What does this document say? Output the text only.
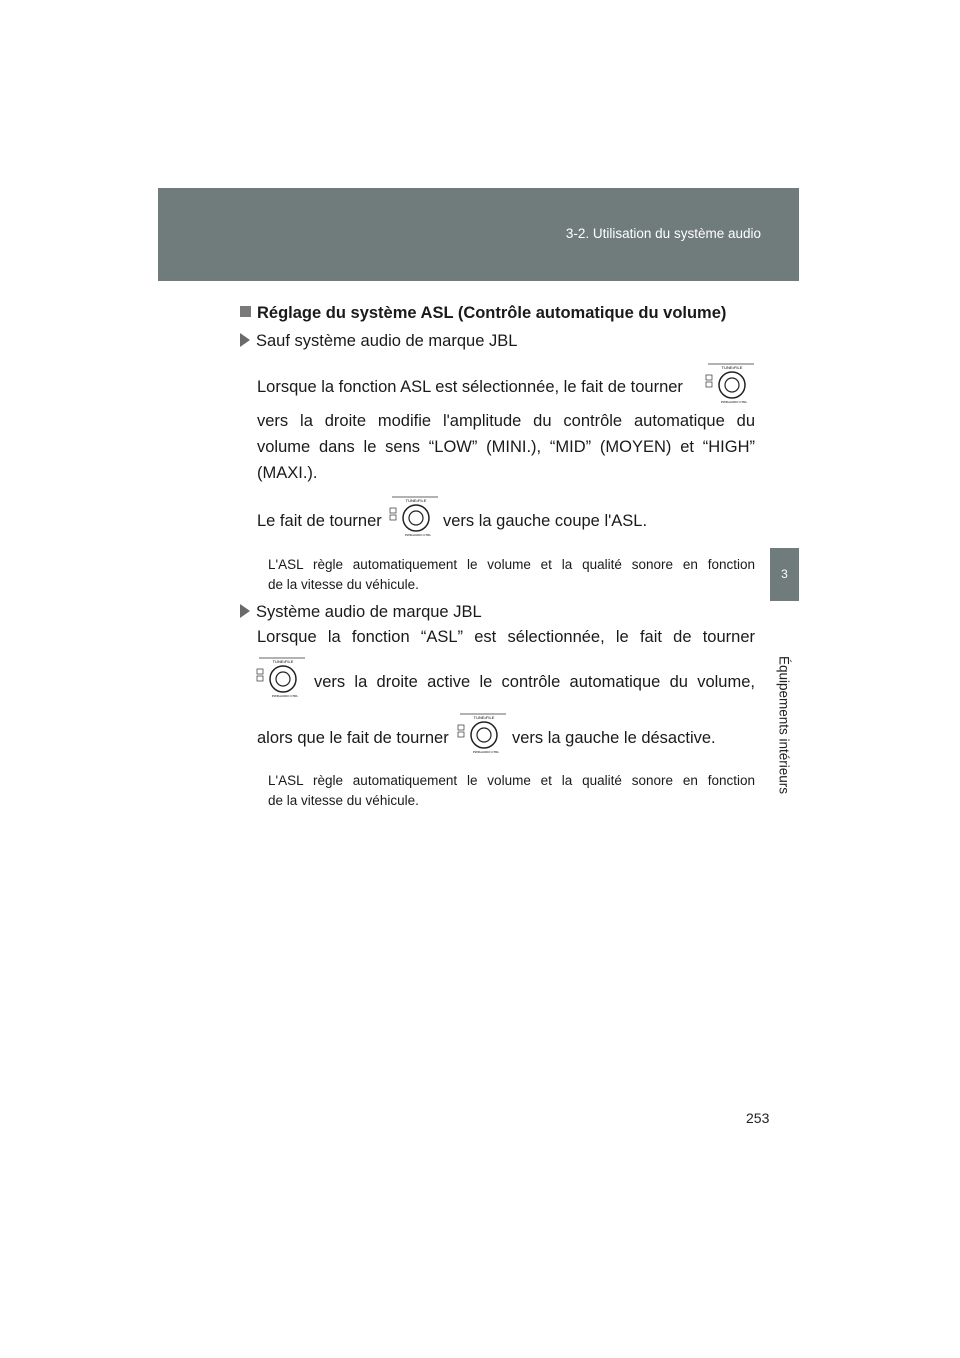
3-2. Utilisation du système audio
3
Équipements intérieurs
Réglage du système ASL (Contrôle automatique du volume)
Sauf système audio de marque JBL
Lorsque la fonction ASL est sélectionnée, le fait de tourner
TUNE•FILE
PWR•AUDIO CTRL
vers la droite modifie l'amplitude du contrôle automatique du
volume dans le sens “LOW” (MINI.), “MID” (MOYEN) et “HIGH”
(MAXI.).
Le fait de tourner
TUNE•FILE
PWR•AUDIO CTRL
vers la gauche coupe l'ASL.
L'ASL règle automatiquement le volume et la qualité sonore en fonction
de la vitesse du véhicule.
Système audio de marque JBL
Lorsque la fonction “ASL” est sélectionnée, le fait de tourner
TUNE•FILE
PWR•AUDIO CTRL
vers la droite active le contrôle automatique du volume,
alors que le fait de tourner
TUNE•FILE
PWR•AUDIO CTRL
vers la gauche le désactive.
L'ASL règle automatiquement le volume et la qualité sonore en fonction
de la vitesse du véhicule.
253
